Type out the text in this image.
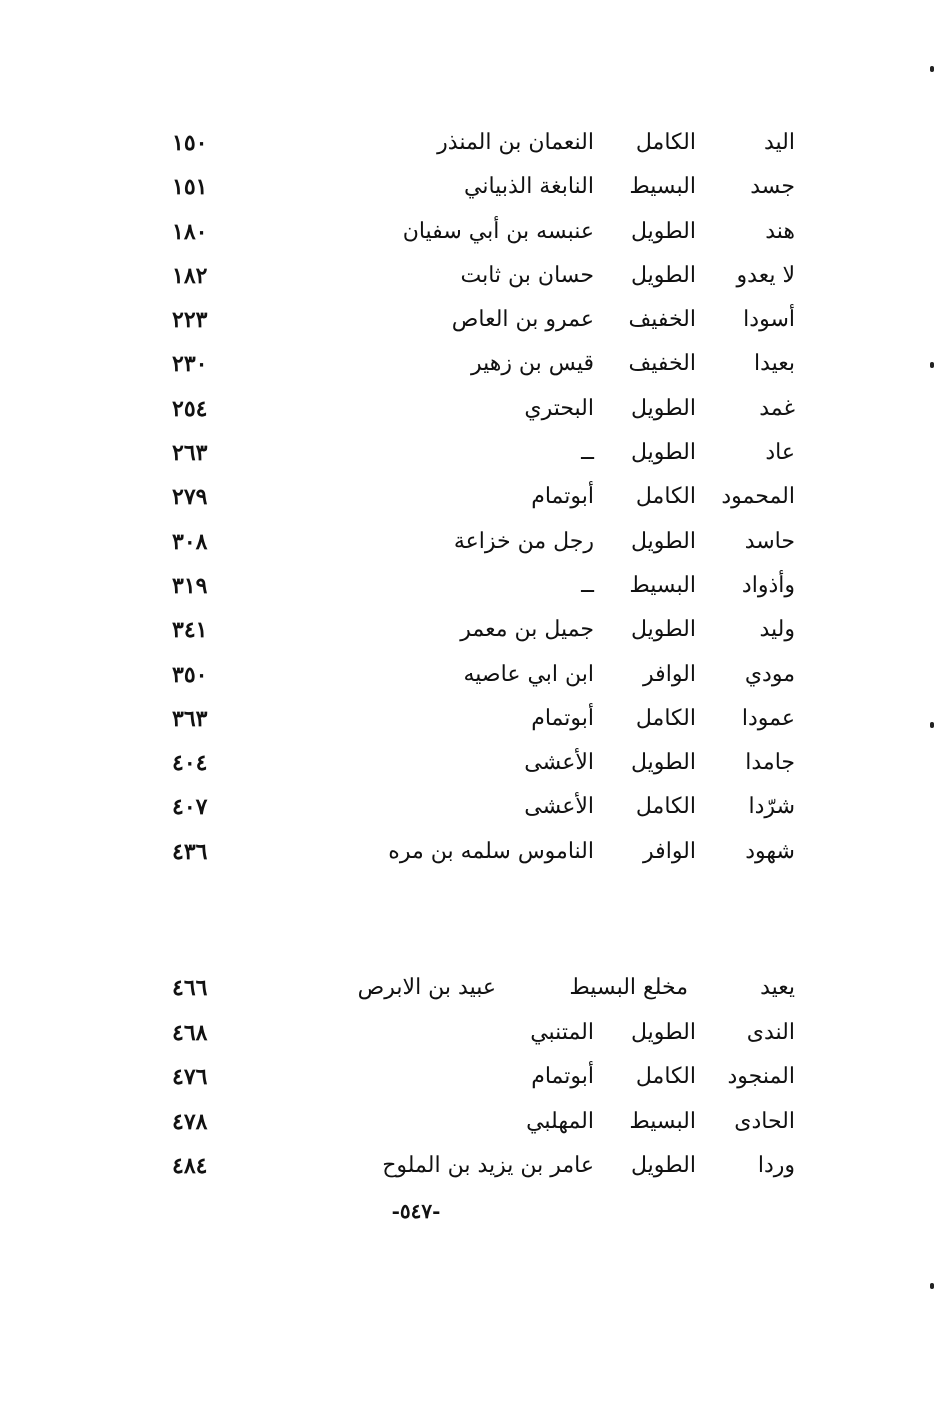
اليد
الكامل
النعمان بن المنذر
١٥٠
جسد
البسيط
النابغة الذبياني
١٥١
هند
الطويل
عنبسه بن أبي سفيان
١٨٠
لا يعدو
الطويل
حسان بن ثابت
١٨٢
أسودا
الخفيف
عمرو بن العاص
٢٢٣
بعيدا
الخفيف
قيس بن زهير
٢٣٠
غمد
الطويل
البحتري
٢٥٤
عاد
الطويل
ــ
٢٦٣
المحمود
الكامل
أبوتمام
٢٧٩
حاسد
الطويل
رجل من خزاعة
٣٠٨
وأذواد
البسيط
ــ
٣١٩
وليد
الطويل
جميل بن معمر
٣٤١
مودي
الوافر
ابن ابي عاصيه
٣٥٠
عمودا
الكامل
أبوتمام
٣٦٣
جامدا
الطويل
الأعشى
٤٠٤
شرّدا
الكامل
الأعشى
٤٠٧
شهود
الوافر
الناموس سلمه بن مره
٤٣٦
يعيد
مخلع البسيط
عبيد بن الابرص
٤٦٦
الندى
الطويل
المتنبي
٤٦٨
المنجود
الكامل
أبوتمام
٤٧٦
الحادى
البسيط
المهلبي
٤٧٨
وردا
الطويل
عامر بن يزيد بن الملوح
٤٨٤
-٥٤٧-
